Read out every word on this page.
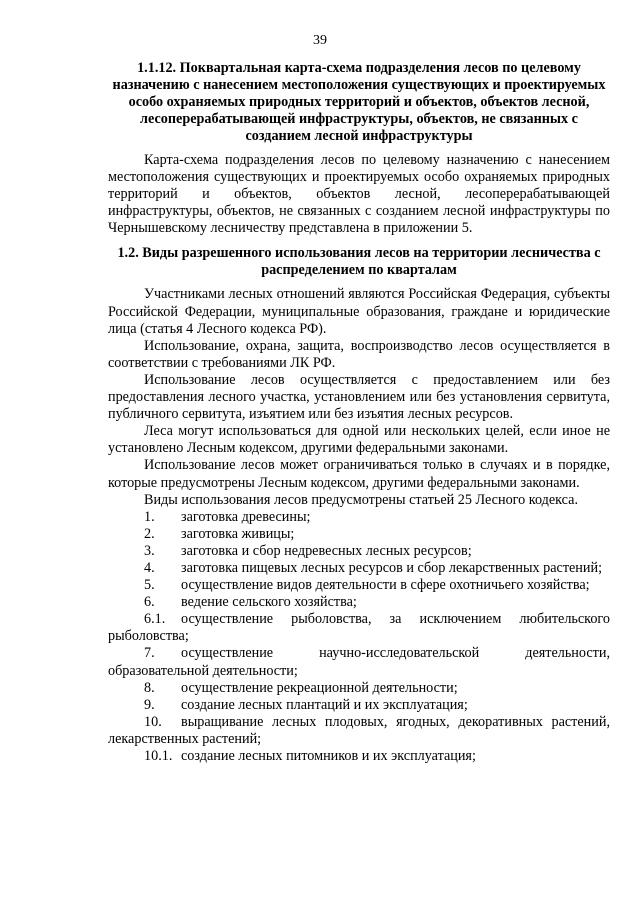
39
1.1.12. Поквартальная карта-схема подразделения лесов по целевому назначению с нанесением местоположения существующих и проектируемых особо охраняемых природных территорий и объектов, объектов лесной, лесоперерабатывающей инфраструктуры, объектов, не связанных с созданием лесной инфраструктуры

Карта-схема подразделения лесов по целевому назначению с нанесением местоположения существующих и проектируемых особо охраняемых природных территорий и объектов, объектов лесной, лесоперерабатывающей инфраструктуры, объектов, не связанных с созданием лесной инфраструктуры по Чернышевскому лесничеству представлена в приложении 5.

1.2. Виды разрешенного использования лесов на территории лесничества с распределением по кварталам

Участниками лесных отношений являются Российская Федерация, субъекты Российской Федерации, муниципальные образования, граждане и юридические лица (статья 4 Лесного кодекса РФ).

Использование, охрана, защита, воспроизводство лесов осуществляется в соответствии с требованиями ЛК РФ.

Использование лесов осуществляется с предоставлением или без предоставления лесного участка, установлением или без установления сервитута, публичного сервитута, изъятием или без изъятия лесных ресурсов.

Леса могут использоваться для одной или нескольких целей, если иное не установлено Лесным кодексом, другими федеральными законами.

Использование лесов может ограничиваться только в случаях и в порядке, которые предусмотрены Лесным кодексом, другими федеральными законами.

Виды использования лесов предусмотрены статьей 25 Лесного кодекса.

1. заготовка древесины;

2. заготовка живицы;

3. заготовка и сбор недревесных лесных ресурсов;

4. заготовка пищевых лесных ресурсов и сбор лекарственных растений;

5. осуществление видов деятельности в сфере охотничьего хозяйства;

6. ведение сельского хозяйства;

6.1. осуществление рыболовства, за исключением любительского рыболовства;

7. осуществление научно-исследовательской деятельности, образовательной деятельности;

8. осуществление рекреационной деятельности;

9. создание лесных плантаций и их эксплуатация;

10. выращивание лесных плодовых, ягодных, декоративных растений, лекарственных растений;

10.1. создание лесных питомников и их эксплуатация;
